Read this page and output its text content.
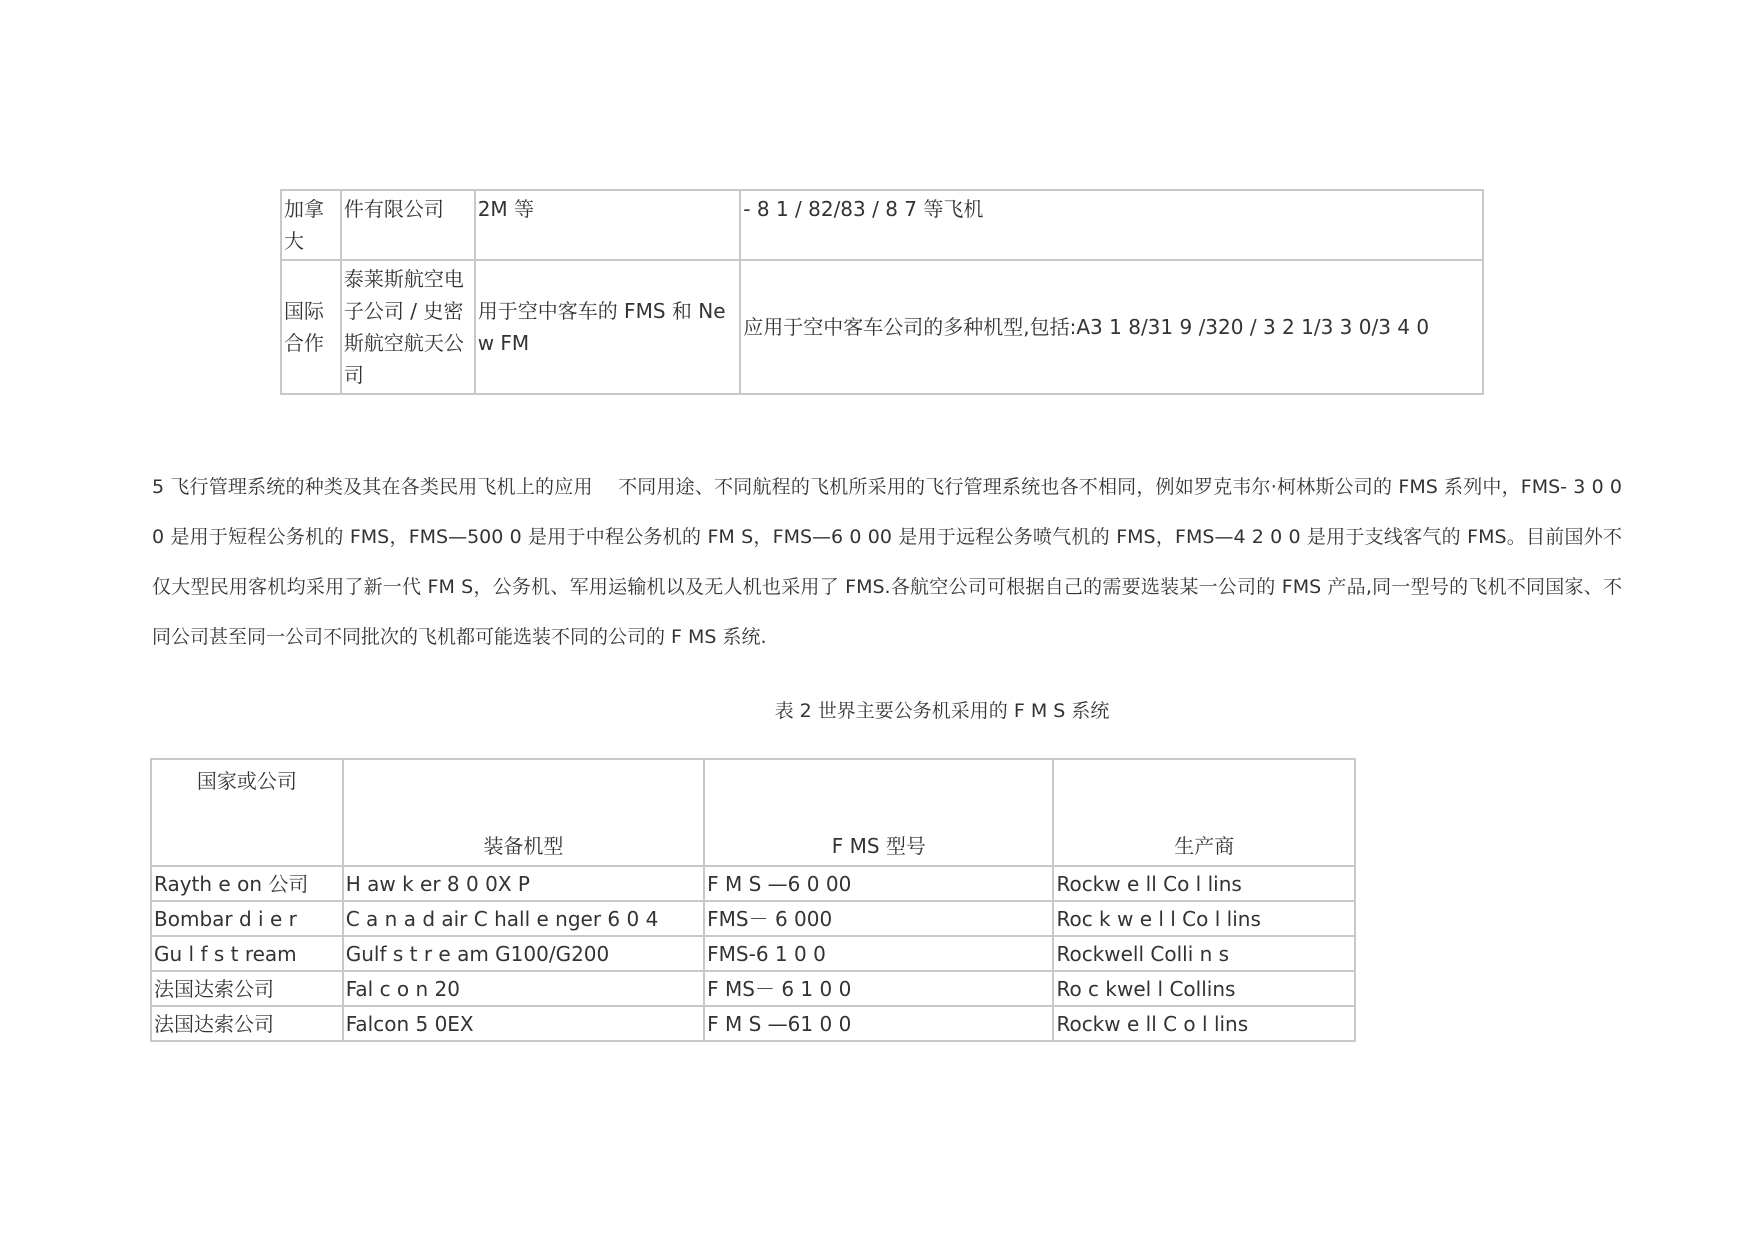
加拿大	件有限公司	2M 等	- 8 1 / 82/83 / 8 7 等飞机
国际合作	泰莱斯航空电子公司 / 史密斯航空航天公司	用于空中客车的 FMS 和 Ne w FM	应用于空中客车公司的多种机型,包括:A3 1 8/31 9 /320 / 3 2 1/3 3 0/3 4 0

5 飞行管理系统的种类及其在各类民用飞机上的应用　 不同用途、不同航程的飞机所采用的飞行管理系统也各不相同，例如罗克韦尔·柯林斯公司的 FMS 系列中，FMS- 3 0 0 0 是用于短程公务机的 FMS，FMS—500 0 是用于中程公务机的 FM S，FMS—6 0 00 是用于远程公务喷气机的 FMS，FMS—4 2 0 0 是用于支线客气的 FMS。目前国外不仅大型民用客机均采用了新一代 FM S，公务机、军用运输机以及无人机也采用了 FMS.各航空公司可根据自己的需要选装某一公司的 FMS 产品,同一型号的飞机不同国家、不同公司甚至同一公司不同批次的飞机都可能选装不同的公司的 F MS 系统.

表 2 世界主要公务机采用的 F M S 系统

国家或公司	装备机型	F MS 型号	生产商
Rayth e on 公司	H aw k er 8 0 0X P	F M S —6 0 00	Rockw e ll Co l lins
Bombar d i e r	C a n a d air C hall e nger 6 0 4	FMS－ 6 000	Roc k w e l l Co l lins
Gu l f s t ream	Gulf s t r e am G100/G200	FMS-6 1 0 0	Rockwell Colli n s
法国达索公司	Fal c o n 20	F MS－ 6 1 0 0	Ro c kwel l Collins
法国达索公司	Falcon 5 0EX	F M S —61 0 0	Rockw e ll C o l lins
